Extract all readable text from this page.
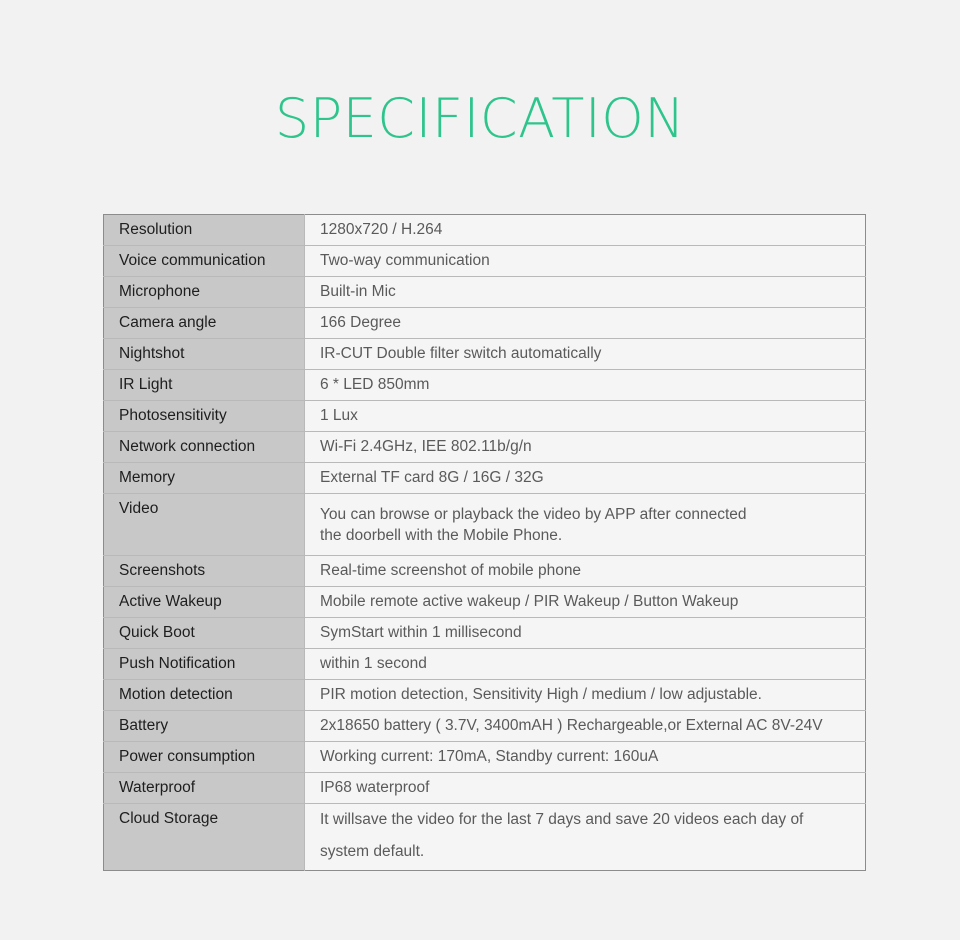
SPECIFICATION
Resolution	1280x720 / H.264
Voice communication	Two-way communication
Microphone	Built-in Mic
Camera angle	166 Degree
Nightshot	IR-CUT Double filter switch automatically
IR Light	6 * LED 850mm
Photosensitivity	1 Lux
Network connection	Wi-Fi 2.4GHz, IEE 802.11b/g/n
Memory	External TF card 8G / 16G / 32G
Video	You can browse or playback the video by APP after connected
the doorbell with the Mobile Phone.

Screenshots	Real-time screenshot of mobile phone
Active Wakeup	Mobile remote active wakeup / PIR Wakeup / Button Wakeup
Quick Boot	SymStart within 1 millisecond
Push Notification	within 1 second
Motion detection	PIR motion detection, Sensitivity High / medium / low adjustable.
Battery	2x18650 battery ( 3.7V, 3400mAH ) Rechargeable,or External AC 8V-24V
Power consumption	Working current: 170mA, Standby current: 160uA
Waterproof	IP68 waterproof
Cloud Storage	It willsave the video for the last 7 days and save 20 videos each day of system default.
